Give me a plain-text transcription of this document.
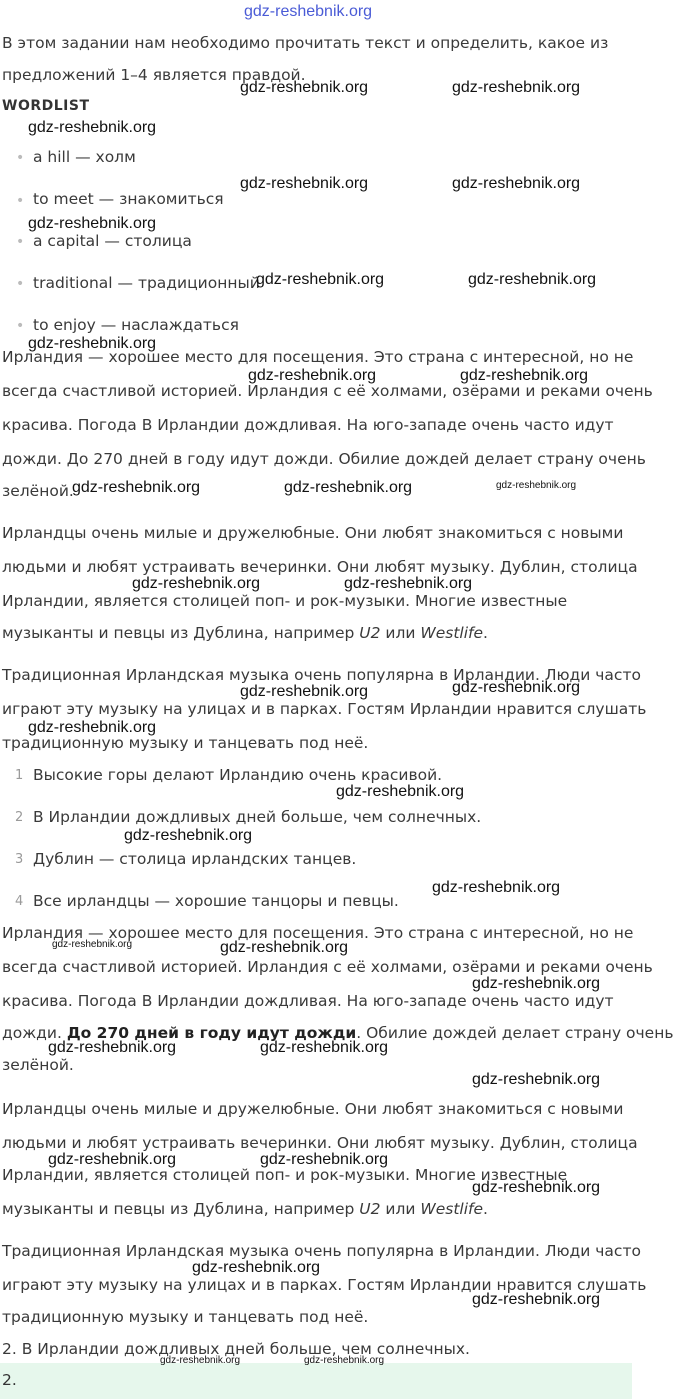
gdz-reshebnik.org
В этом задании нам необходимо прочитать текст и определить, какое из
предложений 1–4 является правдой.
WORDLIST
• a hill — холм
• to meet — знакомиться
• a capital — столица
• traditional — традиционный
• to enjoy — наслаждаться
Ирландия — хорошее место для посещения. Это страна с интересной, но не
всегда счастливой историей. Ирландия с её холмами, озёрами и реками очень
красива. Погода В Ирландии дождливая. На юго-западе очень часто идут
дожди. До 270 дней в году идут дожди. Обилие дождей делает страну очень
зелёной.
Ирландцы очень милые и дружелюбные. Они любят знакомиться с новыми
людьми и любят устраивать вечеринки. Они любят музыку. Дублин, столица
Ирландии, является столицей поп- и рок-музыки. Многие известные
музыканты и певцы из Дублина, например U2 или Westlife.
Традиционная Ирландская музыка очень популярна в Ирландии. Люди часто
играют эту музыку на улицах и в парках. Гостям Ирландии нравится слушать
традиционную музыку и танцевать под неё.
1 Высокие горы делают Ирландию очень красивой.
2 В Ирландии дождливых дней больше, чем солнечных.
3 Дублин — столица ирландских танцев.
4 Все ирландцы — хорошие танцоры и певцы.
Ирландия — хорошее место для посещения. Это страна с интересной, но не
всегда счастливой историей. Ирландия с её холмами, озёрами и реками очень
красива. Погода В Ирландии дождливая. На юго-западе очень часто идут
дожди. До 270 дней в году идут дожди. Обилие дождей делает страну очень
зелёной.
Ирландцы очень милые и дружелюбные. Они любят знакомиться с новыми
людьми и любят устраивать вечеринки. Они любят музыку. Дублин, столица
Ирландии, является столицей поп- и рок-музыки. Многие известные
музыканты и певцы из Дублина, например U2 или Westlife.
Традиционная Ирландская музыка очень популярна в Ирландии. Люди часто
играют эту музыку на улицах и в парках. Гостям Ирландии нравится слушать
традиционную музыку и танцевать под неё.
2. В Ирландии дождливых дней больше, чем солнечных.
2.
gdz-reshebnik.org	gdz-reshebnik.org
gdz-reshebnik.org
gdz-reshebnik.org	gdz-reshebnik.org
gdz-reshebnik.org
gdz-reshebnik.org	gdz-reshebnik.org
gdz-reshebnik.org
gdz-reshebnik.org	gdz-reshebnik.org
gdz-reshebnik.org	gdz-reshebnik.org	gdz-reshebnik.org
gdz-reshebnik.org	gdz-reshebnik.org
gdz-reshebnik.org	gdz-reshebnik.org
gdz-reshebnik.org
gdz-reshebnik.org
gdz-reshebnik.org
gdz-reshebnik.org
gdz-reshebnik.org	gdz-reshebnik.org
gdz-reshebnik.org
gdz-reshebnik.org	gdz-reshebnik.org
gdz-reshebnik.org
gdz-reshebnik.org	gdz-reshebnik.org
gdz-reshebnik.org
gdz-reshebnik.org
gdz-reshebnik.org
gdz-reshebnik.org	gdz-reshebnik.org
